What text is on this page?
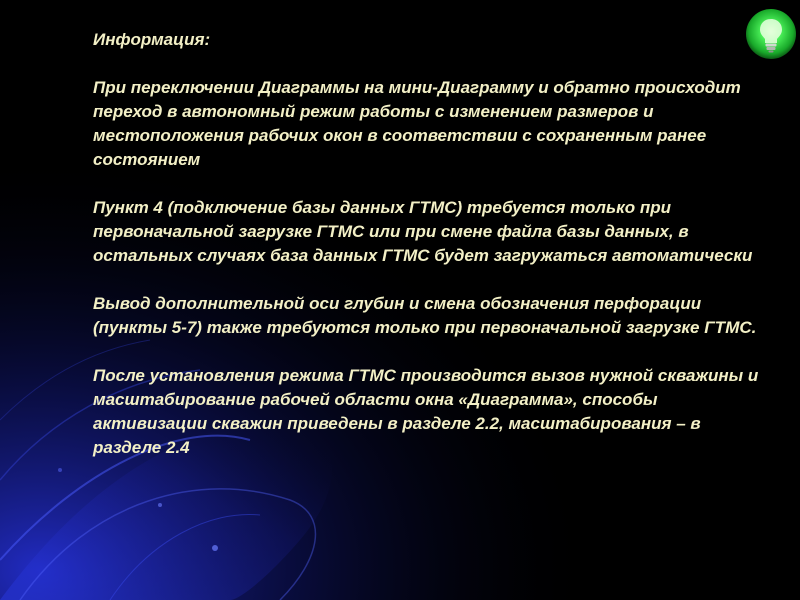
Информация:
При переключении Диаграммы на мини-Диаграмму и обратно происходит переход в автономный режим работы с изменением размеров и местоположения рабочих окон в соответствии с сохраненным ранее состоянием
Пункт 4 (подключение базы данных ГТМС) требуется только при первоначальной загрузке ГТМС или при смене файла базы данных, в остальных случаях база данных ГТМС будет загружаться автоматически
Вывод дополнительной оси глубин и смена обозначения перфорации (пункты 5-7) также требуются только при первоначальной загрузке ГТМС.
После установления режима ГТМС производится вызов нужной скважины и масштабирование рабочей области окна «Диаграмма», способы активизации скважин приведены в разделе 2.2, масштабирования – в разделе 2.4
